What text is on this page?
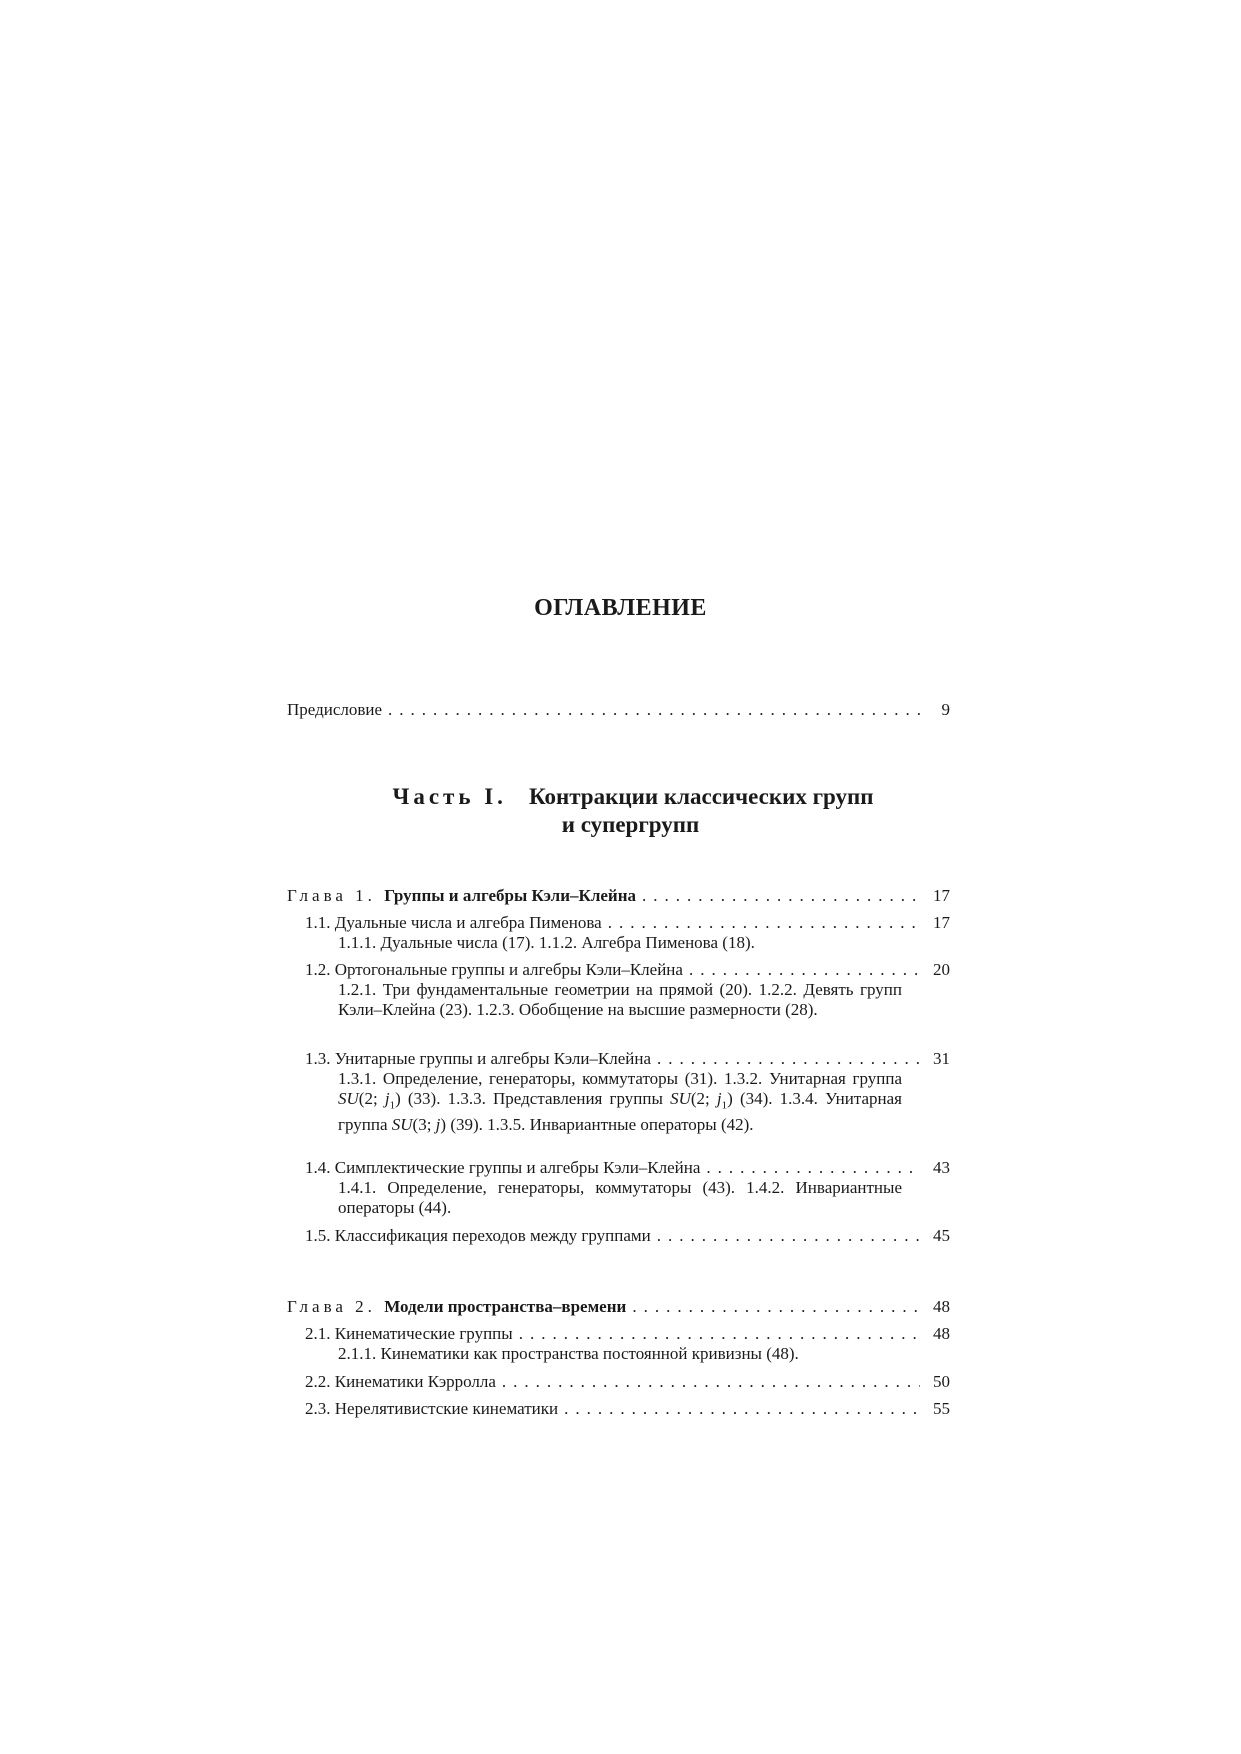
ОГЛАВЛЕНИЕ
Предисловие .....	9
Часть I. Контракции классических групп
и супергрупп
Глава 1. Группы и алгебры Кэли–Клейна .....	17
1.1. Дуальные числа и алгебра Пименова .....	17
1.1.1. Дуальные числа (17). 1.1.2. Алгебра Пименова (18).
1.2. Ортогональные группы и алгебры Кэли–Клейна .....	20
1.2.1. Три фундаментальные геометрии на прямой (20). 1.2.2. Девять групп Кэли–Клейна (23). 1.2.3. Обобщение на высшие размерности (28).
1.3. Унитарные группы и алгебры Кэли–Клейна .....	31
1.3.1. Определение, генераторы, коммутаторы (31). 1.3.2. Унитарная группа SU(2; $j_1$) (33). 1.3.3. Представления группы SU(2; $j_1$) (34). 1.3.4. Унитарная группа SU(3; j) (39). 1.3.5. Инвариантные операторы (42).
1.4. Симплектические группы и алгебры Кэли–Клейна .....	43
1.4.1. Определение, генераторы, коммутаторы (43). 1.4.2. Инвариантные операторы (44).
1.5. Классификация переходов между группами .....	45
Глава 2. Модели пространства–времени .....	48
2.1. Кинематические группы .....	48
2.1.1. Кинематики как пространства постоянной кривизны (48).
2.2. Кинематики Кэрролла .....	50
2.3. Нерелятивистские кинематики .....	55
